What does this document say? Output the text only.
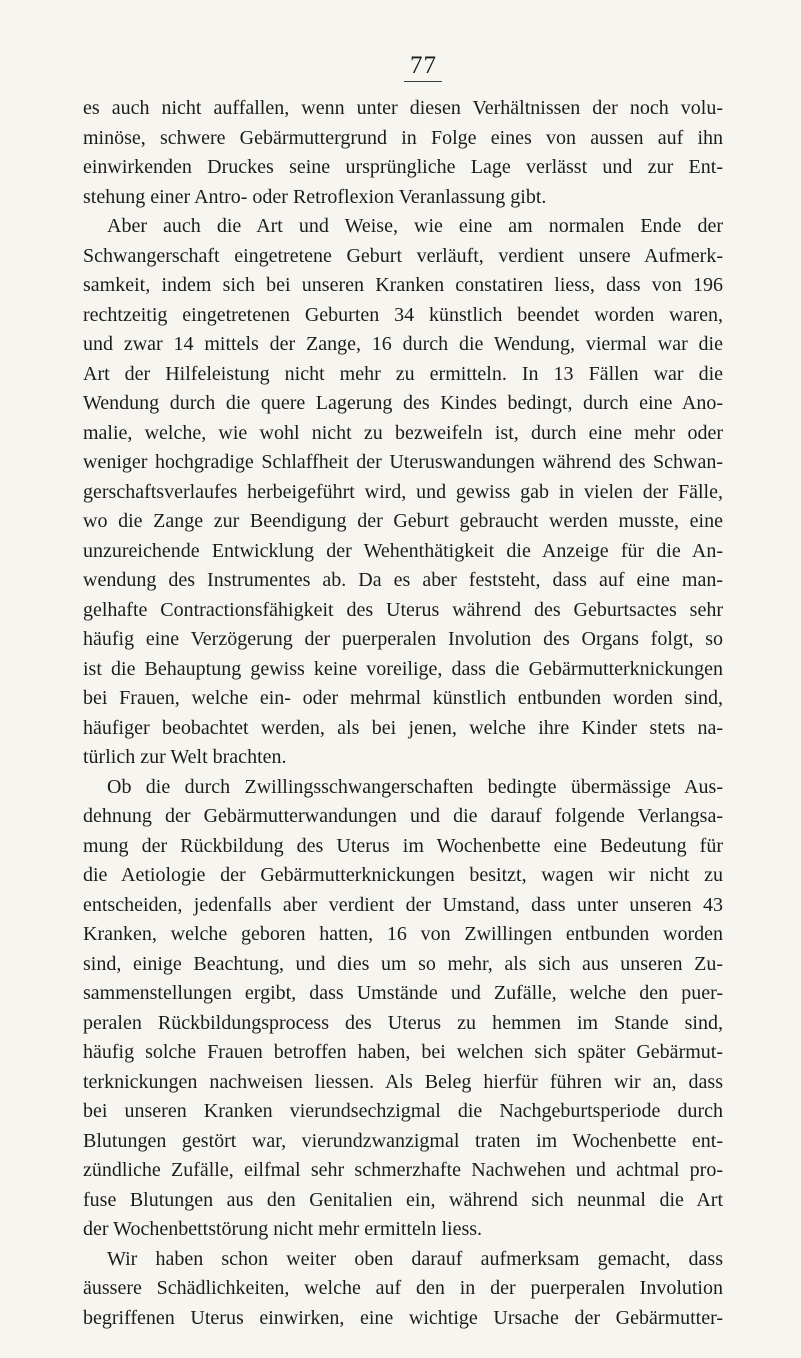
77
es auch nicht auffallen, wenn unter diesen Verhältnissen der noch volu-
minöse, schwere Gebärmuttergrund in Folge eines von aussen auf ihn
einwirkenden Druckes seine ursprüngliche Lage verlässt und zur Ent-
stehung einer Antro- oder Retroflexion Veranlassung gibt.
Aber auch die Art und Weise, wie eine am normalen Ende der
Schwangerschaft eingetretene Geburt verläuft, verdient unsere Aufmerk-
samkeit, indem sich bei unseren Kranken constatiren liess, dass von 196
rechtzeitig eingetretenen Geburten 34 künstlich beendet worden waren,
und zwar 14 mittels der Zange, 16 durch die Wendung, viermal war die
Art der Hilfeleistung nicht mehr zu ermitteln. In 13 Fällen war die
Wendung durch die quere Lagerung des Kindes bedingt, durch eine Ano-
malie, welche, wie wohl nicht zu bezweifeln ist, durch eine mehr oder
weniger hochgradige Schlaffheit der Uteruswandungen während des Schwan-
gerschaftsverlaufes herbeigeführt wird, und gewiss gab in vielen der Fälle,
wo die Zange zur Beendigung der Geburt gebraucht werden musste, eine
unzureichende Entwicklung der Wehenthätigkeit die Anzeige für die An-
wendung des Instrumentes ab. Da es aber feststeht, dass auf eine man-
gelhafte Contractionsfähigkeit des Uterus während des Geburtsactes sehr
häufig eine Verzögerung der puerperalen Involution des Organs folgt, so
ist die Behauptung gewiss keine voreilige, dass die Gebärmutterknickungen
bei Frauen, welche ein- oder mehrmal künstlich entbunden worden sind,
häufiger beobachtet werden, als bei jenen, welche ihre Kinder stets na-
türlich zur Welt brachten.
Ob die durch Zwillingsschwangerschaften bedingte übermässige Aus-
dehnung der Gebärmutterwandungen und die darauf folgende Verlangsa-
mung der Rückbildung des Uterus im Wochenbette eine Bedeutung für
die Aetiologie der Gebärmutterknickungen besitzt, wagen wir nicht zu
entscheiden, jedenfalls aber verdient der Umstand, dass unter unseren 43
Kranken, welche geboren hatten, 16 von Zwillingen entbunden worden
sind, einige Beachtung, und dies um so mehr, als sich aus unseren Zu-
sammenstellungen ergibt, dass Umstände und Zufälle, welche den puer-
peralen Rückbildungsprocess des Uterus zu hemmen im Stande sind,
häufig solche Frauen betroffen haben, bei welchen sich später Gebärmut-
terknickungen nachweisen liessen. Als Beleg hierfür führen wir an, dass
bei unseren Kranken vierundsechzigmal die Nachgeburtsperiode durch
Blutungen gestört war, vierundzwanzigmal traten im Wochenbette ent-
zündliche Zufälle, eilfmal sehr schmerzhafte Nachwehen und achtmal pro-
fuse Blutungen aus den Genitalien ein, während sich neunmal die Art
der Wochenbettstörung nicht mehr ermitteln liess.
Wir haben schon weiter oben darauf aufmerksam gemacht, dass
äussere Schädlichkeiten, welche auf den in der puerperalen Involution
begriffenen Uterus einwirken, eine wichtige Ursache der Gebärmutter-
